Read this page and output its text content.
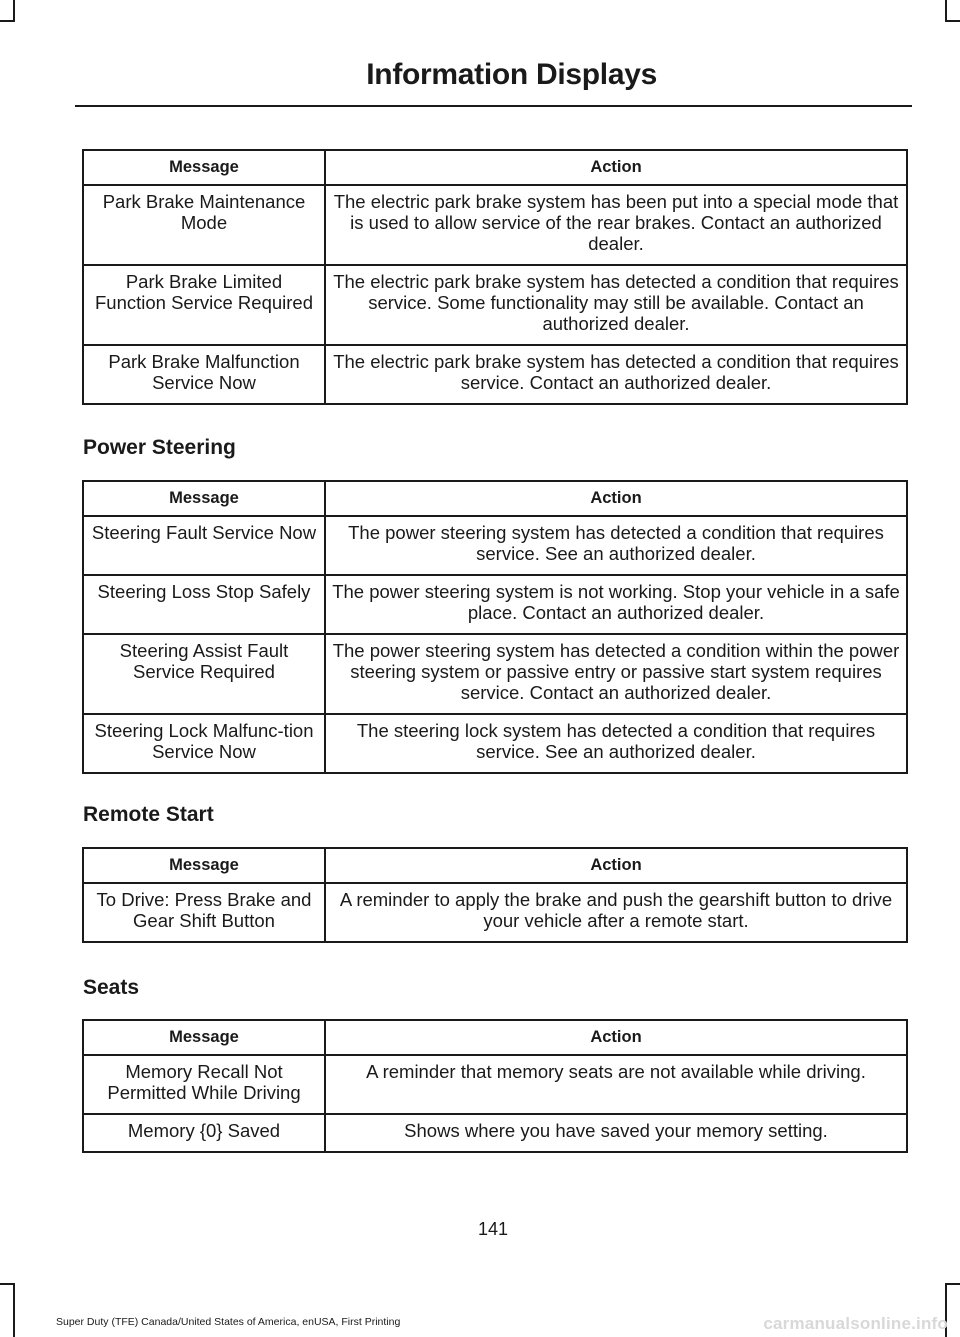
Information Displays
Message	Action
Park Brake Maintenance Mode	The electric park brake system has been put into a special mode that is used to allow service of the rear brakes. Contact an authorized dealer.
Park Brake Limited Function Service Required	The electric park brake system has detected a condition that requires service. Some functionality may still be available. Contact an authorized dealer.
Park Brake Malfunction Service Now	The electric park brake system has detected a condition that requires service. Contact an authorized dealer.
Power Steering
Message	Action
Steering Fault Service Now	The power steering system has detected a condition that requires service. See an authorized dealer.
Steering Loss Stop Safely	The power steering system is not working. Stop your vehicle in a safe place. Contact an authorized dealer.
Steering Assist Fault Service Required	The power steering system has detected a condition within the power steering system or passive entry or passive start system requires service. Contact an authorized dealer.
Steering Lock Malfunc-tion Service Now	The steering lock system has detected a condition that requires service. See an authorized dealer.
Remote Start
Message	Action
To Drive: Press Brake and Gear Shift Button	A reminder to apply the brake and push the gearshift button to drive your vehicle after a remote start.
Seats
Message	Action
Memory Recall Not Permitted While Driving	A reminder that memory seats are not available while driving.
Memory {0} Saved	Shows where you have saved your memory setting.
141
Super Duty (TFE) Canada/United States of America, enUSA, First Printing	carmanualsonline.info
